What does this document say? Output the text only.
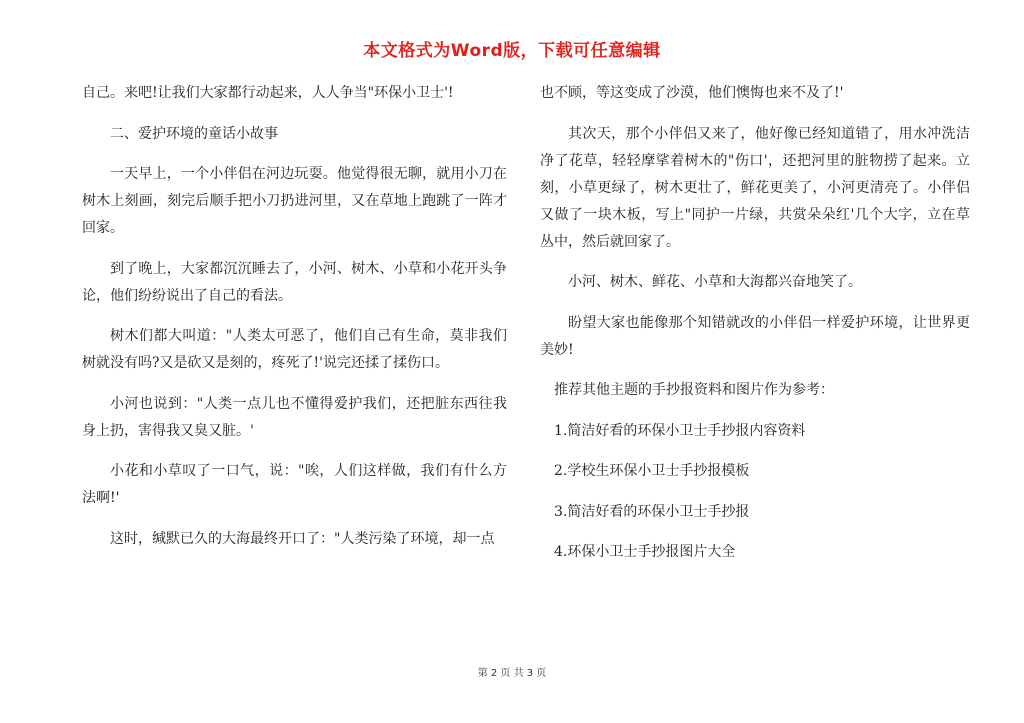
本文格式为Word版，下载可任意编辑

自己。来吧!让我们大家都行动起来，人人争当"环保小卫士'!

二、爱护环境的童话小故事

一天早上，一个小伴侣在河边玩耍。他觉得很无聊，就用小刀在树木上刻画，刻完后顺手把小刀扔进河里，又在草地上跑跳了一阵才回家。

到了晚上，大家都沉沉睡去了，小河、树木、小草和小花开头争论，他们纷纷说出了自己的看法。

树木们都大叫道："人类太可恶了，他们自己有生命，莫非我们树就没有吗?又是砍又是刻的，疼死了!'说完还揉了揉伤口。

小河也说到："人类一点儿也不懂得爱护我们，还把脏东西往我身上扔，害得我又臭又脏。'

小花和小草叹了一口气，说："唉，人们这样做，我们有什么方法啊!'

这时，缄默已久的大海最终开口了："人类污染了环境，却一点

也不顾，等这变成了沙漠，他们懊悔也来不及了!'

其次天，那个小伴侣又来了，他好像已经知道错了，用水冲洗洁净了花草，轻轻摩挲着树木的"伤口'，还把河里的脏物捞了起来。立刻，小草更绿了，树木更壮了，鲜花更美了，小河更清亮了。小伴侣又做了一块木板，写上"同护一片绿，共赏朵朵红'几个大字，立在草丛中，然后就回家了。

小河、树木、鲜花、小草和大海都兴奋地笑了。

盼望大家也能像那个知错就改的小伴侣一样爱护环境，让世界更美妙!

推荐其他主题的手抄报资料和图片作为参考：

1.简洁好看的环保小卫士手抄报内容资料

2.学校生环保小卫士手抄报模板

3.简洁好看的环保小卫士手抄报

4.环保小卫士手抄报图片大全

第 2 页 共 3 页
